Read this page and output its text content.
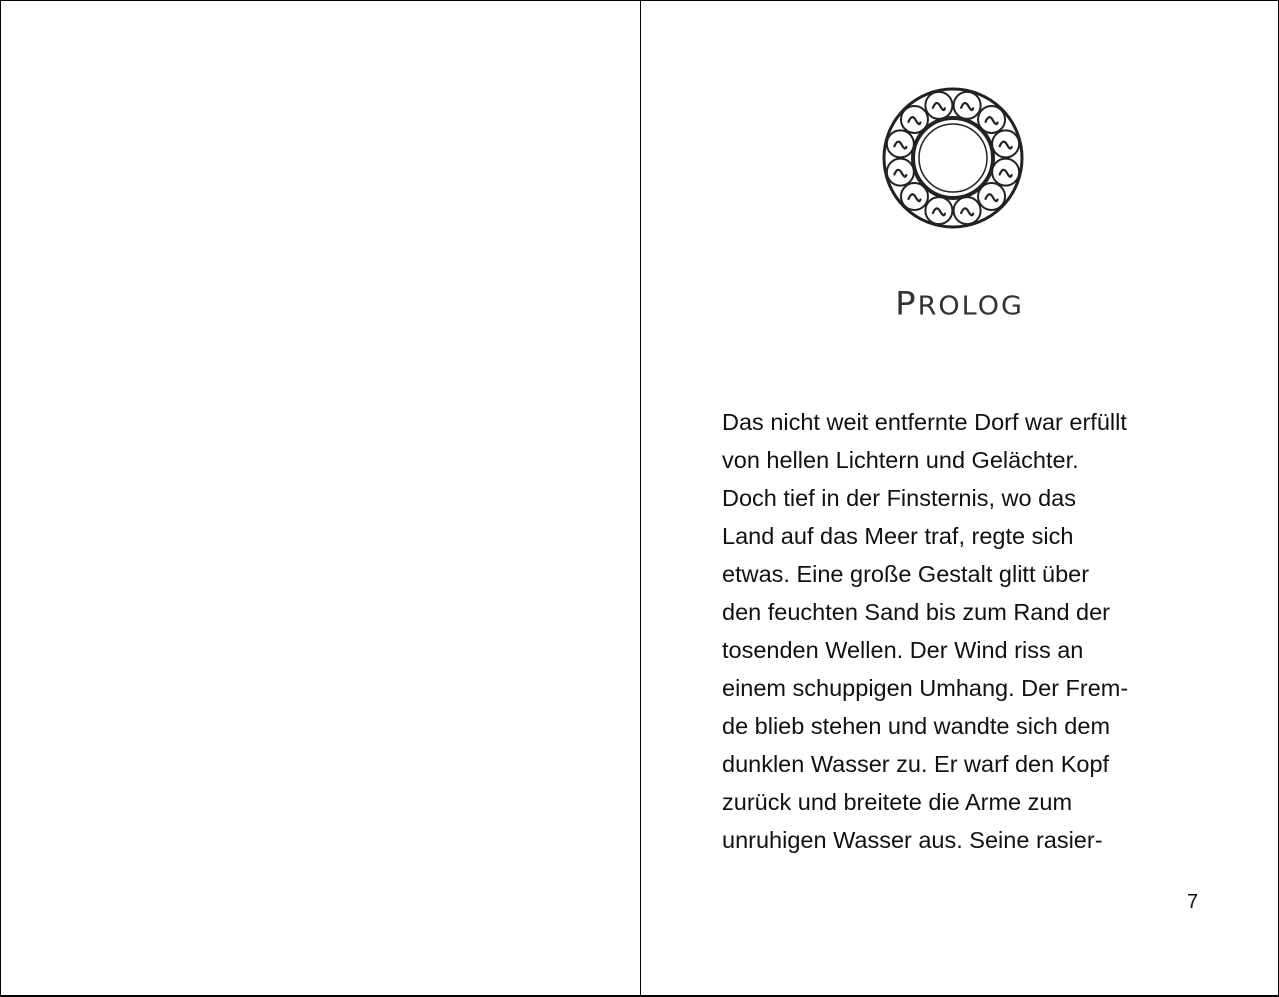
PROLOG
Das nicht weit entfernte Dorf war erfüllt
von hellen Lichtern und Gelächter.
Doch tief in der Finsternis, wo das
Land auf das Meer traf, regte sich
etwas. Eine große Gestalt glitt über
den feuchten Sand bis zum Rand der
tosenden Wellen. Der Wind riss an
einem schuppigen Umhang. Der Frem-
de blieb stehen und wandte sich dem
dunklen Wasser zu. Er warf den Kopf
zurück und breitete die Arme zum
unruhigen Wasser aus. Seine rasier-
7
